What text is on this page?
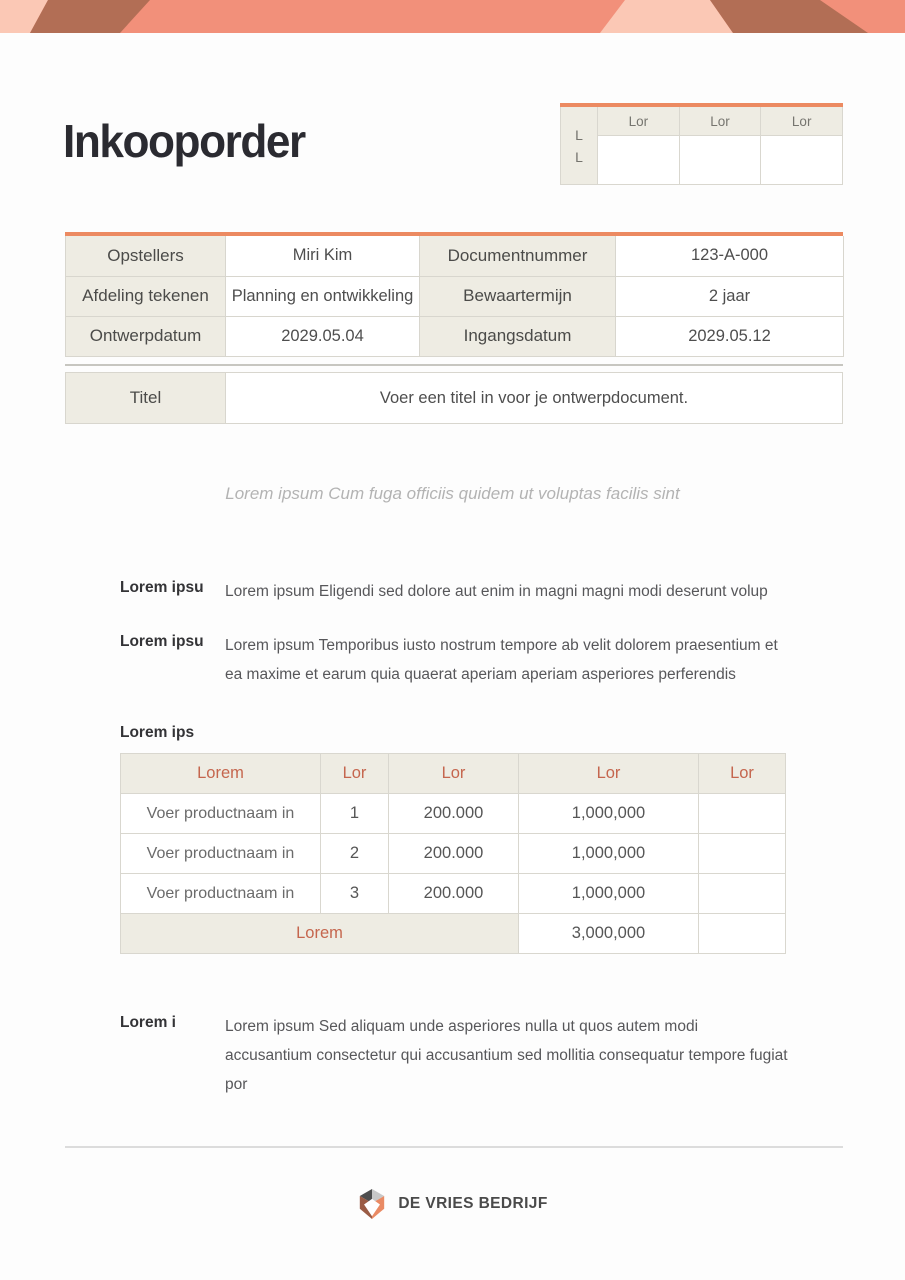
Inkooporder	L
L
Lor	Lor	Lor
Opstellers	Miri Kim	Documentnummer	123-A-000
Afdeling tekenen	Planning en ontwikkeling	Bewaartermijn	2 jaar
Ontwerpdatum	2029.05.04	Ingangsdatum	2029.05.12
Titel	Voer een titel in voor je ontwerpdocument.
Lorem ipsum Cum fuga officiis quidem ut voluptas facilis sint
Lorem ipsu	Lorem ipsum Eligendi sed dolore aut enim in magni magni modi deserunt volup
Lorem ipsu	Lorem ipsum Temporibus iusto nostrum tempore ab velit dolorem praesentium et ea maxime et earum quia quaerat aperiam aperiam asperiores perferendis
Lorem ips
Lorem	Lor	Lor	Lor	Lor
Voer productnaam in	1	200.000	1,000,000	
Voer productnaam in	2	200.000	1,000,000	
Voer productnaam in	3	200.000	1,000,000	
Lorem			3,000,000	
Lorem i	Lorem ipsum Sed aliquam unde asperiores nulla ut quos autem modi accusantium consectetur qui accusantium sed mollitia consequatur tempore fugiat por
DE VRIES BEDRIJF
